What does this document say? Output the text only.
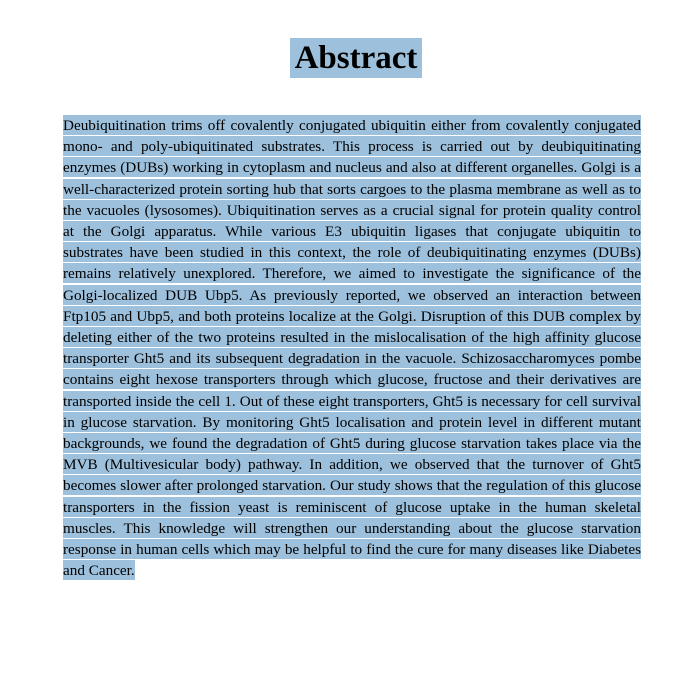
Abstract

Deubiquitination trims off covalently conjugated ubiquitin either from covalently conjugated mono- and poly-ubiquitinated substrates. This process is carried out by deubiquitinating enzymes (DUBs) working in cytoplasm and nucleus and also at different organelles. Golgi is a well-characterized protein sorting hub that sorts cargoes to the plasma membrane as well as to the vacuoles (lysosomes). Ubiquitination serves as a crucial signal for protein quality control at the Golgi apparatus. While various E3 ubiquitin ligases that conjugate ubiquitin to substrates have been studied in this context, the role of deubiquitinating enzymes (DUBs) remains relatively unexplored. Therefore, we aimed to investigate the significance of the Golgi-localized DUB Ubp5. As previously reported, we observed an interaction between Ftp105 and Ubp5, and both proteins localize at the Golgi. Disruption of this DUB complex by deleting either of the two proteins resulted in the mislocalisation of the high affinity glucose transporter Ght5 and its subsequent degradation in the vacuole. Schizosaccharomyces pombe contains eight hexose transporters through which glucose, fructose and their derivatives are transported inside the cell 1. Out of these eight transporters, Ght5 is necessary for cell survival in glucose starvation. By monitoring Ght5 localisation and protein level in different mutant backgrounds, we found the degradation of Ght5 during glucose starvation takes place via the MVB (Multivesicular body) pathway. In addition, we observed that the turnover of Ght5 becomes slower after prolonged starvation. Our study shows that the regulation of this glucose transporters in the fission yeast is reminiscent of glucose uptake in the human skeletal muscles. This knowledge will strengthen our understanding about the glucose starvation response in human cells which may be helpful to find the cure for many diseases like Diabetes and Cancer.
